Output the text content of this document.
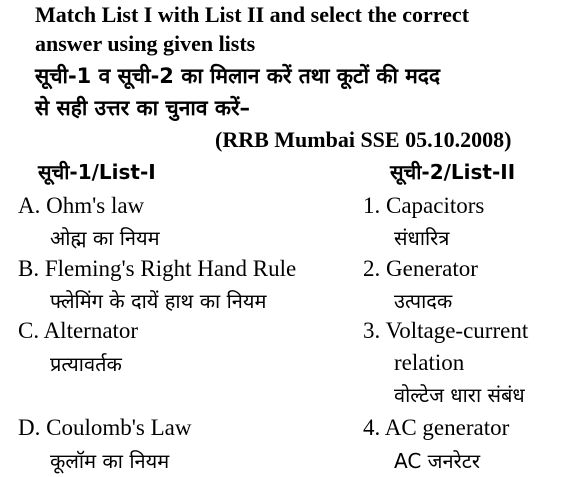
Match List I with List II and select the correct
answer using given lists
सूची-1 व सूची-2 का मिलान करें तथा कूटों की मदद
से सही उत्तर का चुनाव करें–
(RRB Mumbai SSE 05.10.2008)
सूची-1/List-I	सूची-2/List-II
A. Ohm's law
ओह्म का नियम
B. Fleming's Right Hand Rule
फ्लेमिंग के दायें हाथ का नियम
C. Alternator
प्रत्यावर्तक
D. Coulomb's Law
कूलॉम का नियम
1. Capacitors
संधारित्र
2. Generator
उत्पादक
3. Voltage-current
relation
वोल्टेज धारा संबंध
4. AC generator
AC जनरेटर
